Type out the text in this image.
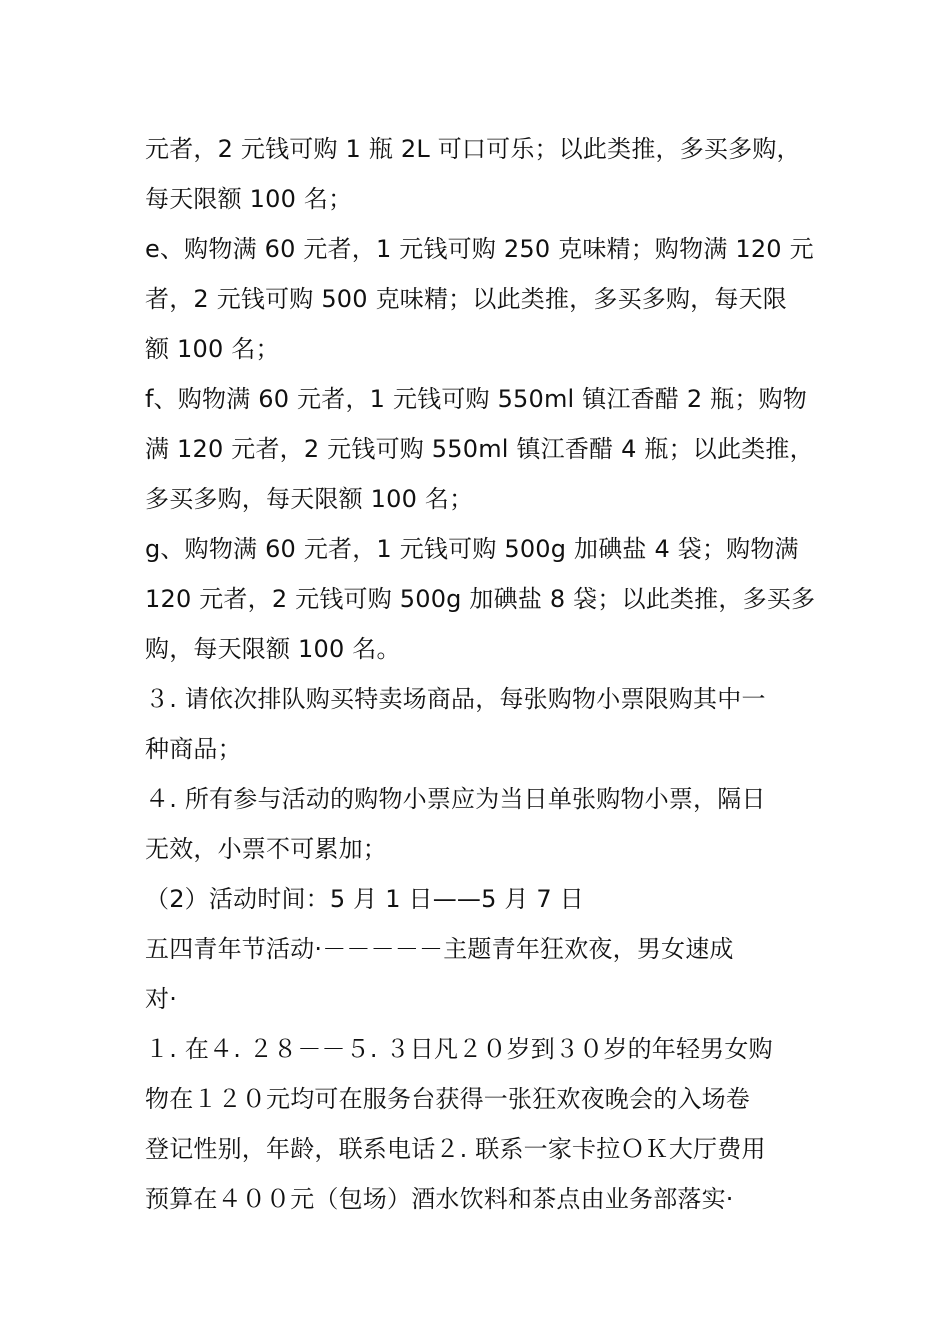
元者，2 元钱可购 1 瓶 2L 可口可乐；以此类推，多买多购，
每天限额 100 名；
e、购物满 60 元者，1 元钱可购 250 克味精；购物满 120 元
者，2 元钱可购 500 克味精；以此类推，多买多购，每天限
额 100 名；
f、购物满 60 元者，1 元钱可购 550ml 镇江香醋 2 瓶；购物
满 120 元者，2 元钱可购 550ml 镇江香醋 4 瓶；以此类推，
多买多购，每天限额 100 名；
g、购物满 60 元者，1 元钱可购 500g 加碘盐 4 袋；购物满
120 元者，2 元钱可购 500g 加碘盐 8 袋；以此类推，多买多
购，每天限额 100 名。
３. 请依次排队购买特卖场商品，每张购物小票限购其中一
种商品；
４. 所有参与活动的购物小票应为当日单张购物小票，隔日
无效，小票不可累加；
（2）活动时间：5 月 1 日——5 月 7 日
五四青年节活动·－－－－－主题青年狂欢夜，男女速成
对·
１. 在４. ２８－－５. ３日凡２０岁到３０岁的年轻男女购
物在１２０元均可在服务台获得一张狂欢夜晚会的入场卷
登记性别，年龄，联系电话２. 联系一家卡拉ＯＫ大厅费用
预算在４００元（包场）酒水饮料和茶点由业务部落实·
